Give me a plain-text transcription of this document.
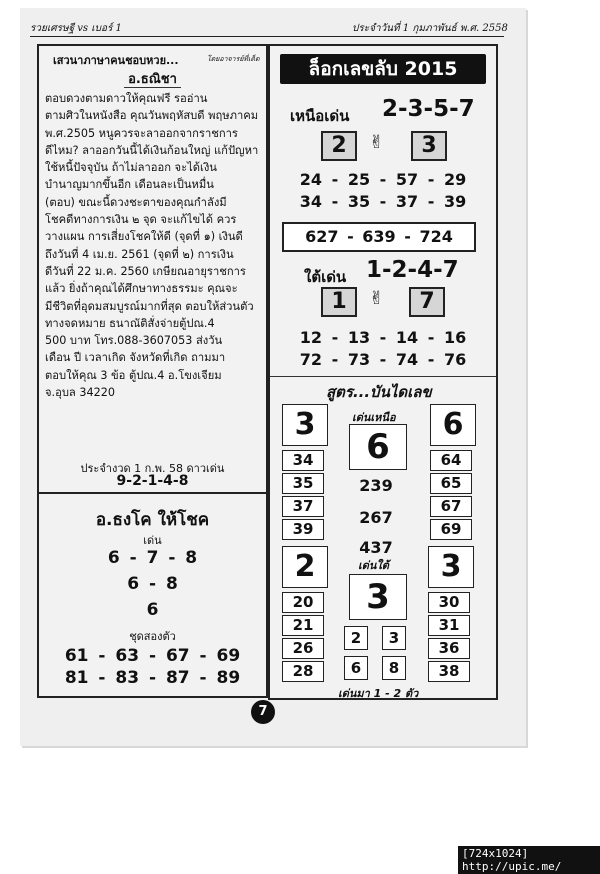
รวยเศรษฐี vs เบอร์ 1	ประจำวันที่ 1 กุมภาพันธ์ พ.ศ. 2558
เสวนาภาษาคนชอบหวย...	โดยอาจารย์ที่เด็ด
อ.ธณิชา
ตอบดวงตามดาวให้คุณฟรี รออ่าน
ตามศิวในหนังสือ คุณวันพฤหัสบดี พฤษภาคม
พ.ศ.2505 หนูควรจะลาออกจากราชการ
ดีไหม? ลาออกวันนี้ได้เงินก้อนใหญ่ แก้ปัญหา
ใช้หนี้ปัจจุบัน ถ้าไม่ลาออก จะได้เงิน
บำนาญมากขึ้นอีก เดือนละเป็นหมื่น
(ตอบ) ขณะนี้ดวงชะตาของคุณกำลังมี
โชคดีทางการเงิน ๒ จุด จะแก้ไขได้ ควร
วางแผน การเสี่ยงโชคให้ดี (จุดที่ ๑) เงินดี
ถึงวันที่ 4 เม.ย. 2561 (จุดที่ ๒) การเงิน
ดีวันที่ 22 ม.ค. 2560 เกษียณอายุราชการ
แล้ว ยิ่งถ้าคุณได้ศึกษาทางธรรมะ คุณจะ
มีชีวิตที่อุดมสมบูรณ์มากที่สุด ตอบให้ส่วนตัว
ทางจดหมาย ธนาณัติสั่งจ่ายตู้ปณ.4
500 บาท โทร.088-3607053 ส่งวัน
เดือน ปี เวลาเกิด จังหวัดที่เกิด ถามมา
ตอบให้คุณ 3 ข้อ ตู้ปณ.4 อ.โขงเจียม
จ.อุบล 34220
ประจำงวด 1 ก.พ. 58 ดาวเด่น
9-2-1-4-8
อ.ธงโค ให้โชค
เด่น
6 - 7 - 8
6 - 8
6
ชุดสองตัว
61 - 63 - 67 - 69
81 - 83 - 87 - 89
ล็อกเลขลับ 2015
เหนือเด่น 2-3-5-7
2	✌	3
24 - 25 - 57 - 29
34 - 35 - 37 - 39
627 - 639 - 724
ใต้เด่น 1-2-4-7
1	✌	7
12 - 13 - 14 - 16
72 - 73 - 74 - 76
สูตร...บันไดเลข
3
34
35
37
39
เด่นเหนือ
6
239
267
437
6
64
65
67
69
2
20
21
26
28
เด่นใต้
3
2	3
6	8
3
30
31
36
38
เด่นมา 1 - 2 ตัว
7
[724x1024] http://upic.me/
